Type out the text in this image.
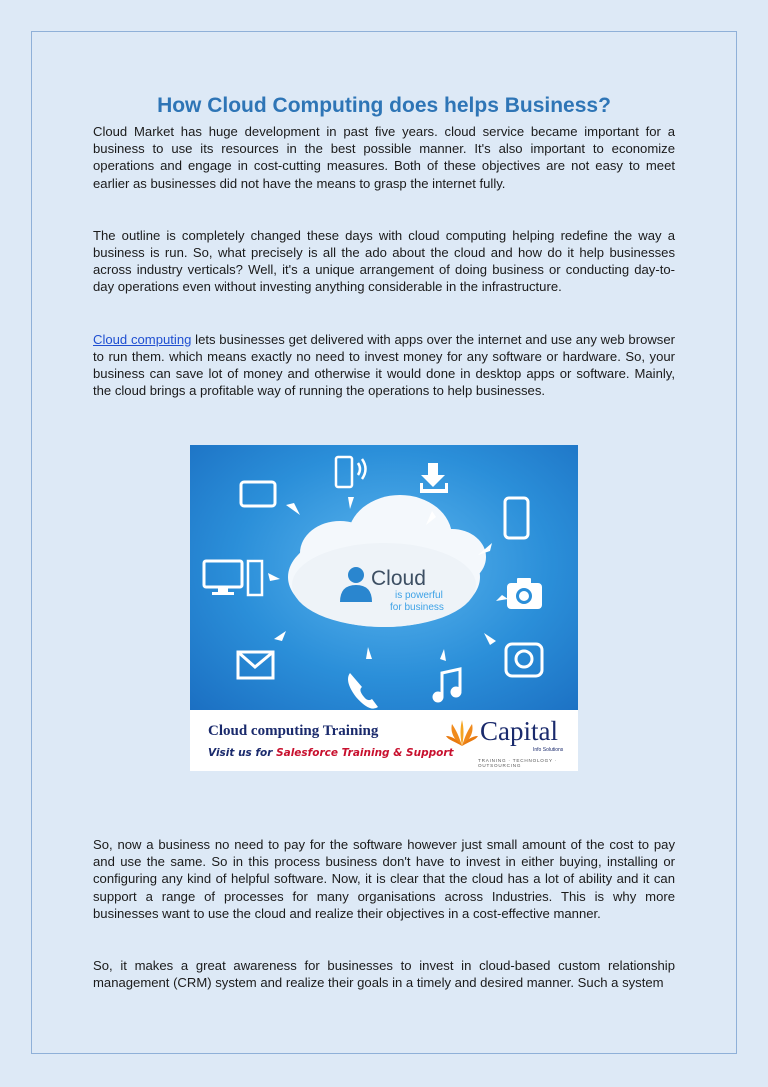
How Cloud Computing does helps Business?

Cloud Market has huge development in past five years. cloud service became important for a business to use its resources in the best possible manner. It's also important to economize operations and engage in cost-cutting measures. Both of these objectives are not easy to meet earlier as businesses did not have the means to grasp the internet fully.

The outline is completely changed these days with cloud computing helping redefine the way a business is run. So, what precisely is all the ado about the cloud and how do it help businesses across industry verticals? Well, it's a unique arrangement of doing business or conducting day-to-day operations even without investing anything considerable in the infrastructure.

Cloud computing lets businesses get delivered with apps over the internet and use any web browser to run them. which means exactly no need to invest money for any software or hardware. So, your business can save lot of money and otherwise it would done in desktop apps or software. Mainly, the cloud brings a profitable way of running the operations to help businesses.

So, now a business no need to pay for the software however just small amount of the cost to pay and use the same. So in this process business don't have to invest in either buying, installing or configuring any kind of helpful software. Now, it is clear that the cloud has a lot of ability and it can support a range of processes for many organisations across Industries. This is why more businesses want to use the cloud and realize their objectives in a cost-effective manner.

So, it makes a great awareness for businesses to invest in cloud-based custom relationship management (CRM) system and realize their goals in a timely and desired manner. Such a system

Cloud
is powerful
for business
Cloud computing Training
Visit us for Salesforce Training & Support
Capital
Info Solutions
TRAINING · TECHNOLOGY · OUTSOURCING
